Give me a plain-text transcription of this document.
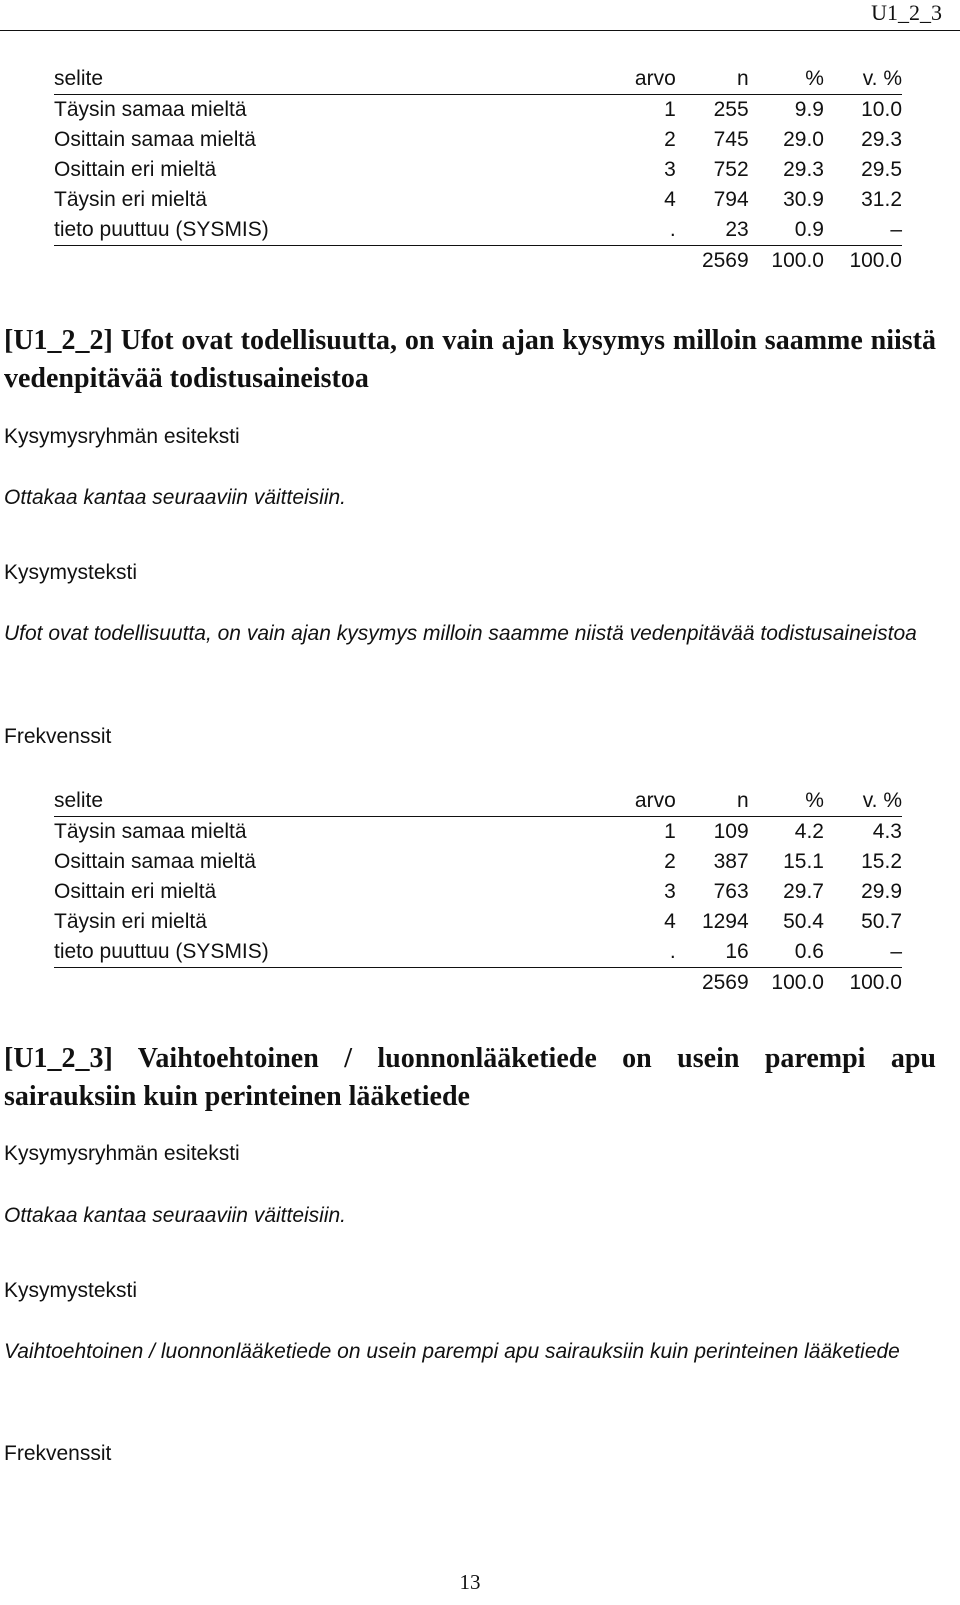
U1_2_3
selite	arvo	n	%	v. %
Täysin samaa mieltä	1	255	9.9	10.0
Osittain samaa mieltä	2	745	29.0	29.3
Osittain eri mieltä	3	752	29.3	29.5
Täysin eri mieltä	4	794	30.9	31.2
tieto puuttuu (SYSMIS)	.	23	0.9	–
		2569	100.0	100.0
[U1_2_2] Ufot ovat todellisuutta, on vain ajan kysymys milloin saamme niistä vedenpitävää todistusaineistoa
Kysymysryhmän esiteksti
Ottakaa kantaa seuraaviin väitteisiin.
Kysymysteksti
Ufot ovat todellisuutta, on vain ajan kysymys milloin saamme niistä vedenpitävää todistusaineistoa
Frekvenssit
selite	arvo	n	%	v. %
Täysin samaa mieltä	1	109	4.2	4.3
Osittain samaa mieltä	2	387	15.1	15.2
Osittain eri mieltä	3	763	29.7	29.9
Täysin eri mieltä	4	1294	50.4	50.7
tieto puuttuu (SYSMIS)	.	16	0.6	–
		2569	100.0	100.0
[U1_2_3] Vaihtoehtoinen / luonnonlääketiede on usein parempi apu sairauksiin kuin perinteinen lääketiede
Kysymysryhmän esiteksti
Ottakaa kantaa seuraaviin väitteisiin.
Kysymysteksti
Vaihtoehtoinen / luonnonlääketiede on usein parempi apu sairauksiin kuin perinteinen lääketiede
Frekvenssit
13
